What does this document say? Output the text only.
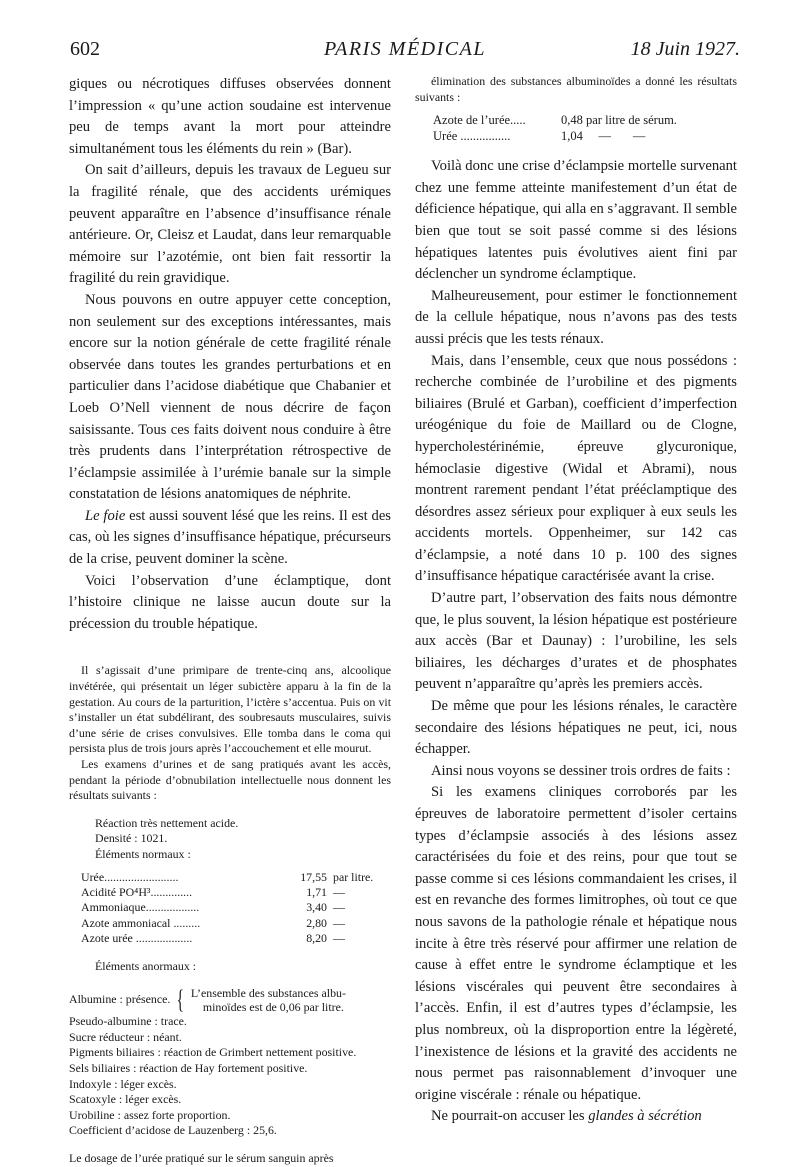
602	PARIS MÉDICAL	18 Juin 1927.

giques ou nécrotiques diffuses observées donnent l’impression « qu’une action soudaine est intervenue peu de temps avant la mort pour atteindre simultanément tous les éléments du rein » (Bar).

On sait d’ailleurs, depuis les travaux de Legueu sur la fragilité rénale, que des accidents urémiques peuvent apparaître en l’absence d’insuffisance rénale antérieure. Or, Cleisz et Laudat, dans leur remarquable mémoire sur l’azotémie, ont bien fait ressortir la fragilité du rein gravidique.

Nous pouvons en outre appuyer cette conception, non seulement sur des exceptions intéressantes, mais encore sur la notion générale de cette fragilité rénale observée dans toutes les grandes perturbations et en particulier dans l’acidose diabétique que Chabanier et Loeb O’Nell viennent de nous décrire de façon saisissante. Tous ces faits doivent nous conduire à être très prudents dans l’interprétation rétrospective de l’éclampsie assimilée à l’urémie banale sur la simple constatation de lésions anatomiques de néphrite.

Le foie est aussi souvent lésé que les reins. Il est des cas, où les signes d’insuffisance hépatique, précurseurs de la crise, peuvent dominer la scène.

Voici l’observation d’une éclamptique, dont l’histoire clinique ne laisse aucun doute sur la précession du trouble hépatique.

Il s’agissait d’une primipare de trente-cinq ans, alcoolique invétérée, qui présentait un léger subictère apparu à la fin de la gestation. Au cours de la parturition, l’ictère s’accentua. Puis on vit s’installer un état subdélirant, des soubresauts musculaires, suivis d’une série de crises convulsives. Elle tomba dans le coma qui persista plus de trois jours après l’accouchement et elle mourut.

Les examens d’urines et de sang pratiqués avant les accès, pendant la période d’obnubilation intellectuelle nous donnent les résultats suivants :

Réaction très nettement acide.

Densité : 1021.

Éléments normaux :

Urée.........................	17,55	par litre.
Acidité PO⁴H³..............	1,71	—
Ammoniaque..................	3,40	—
Azote ammoniacal .........	2,80	—
Azote urée ...................	8,20	—

Éléments anormaux :

Albumine : présence. { L’ensemble des substances albu-
minoïdes est de 0,06 par litre.

Pseudo-albumine : trace.

Sucre réducteur : néant.

Pigments biliaires : réaction de Grimbert nettement positive.

Sels biliaires : réaction de Hay fortement positive.

Indoxyle : léger excès.

Scatoxyle : léger excès.

Urobiline : assez forte proportion.

Coefficient d’acidose de Lauzenberg : 25,6.

Le dosage de l’urée pratiqué sur le sérum sanguin après

élimination des substances albuminoïdes a donné les résultats suivants :

Azote de l’urée.....	0,48 par litre de sérum.
Urée ................	1,04     —       —

Voilà donc une crise d’éclampsie mortelle survenant chez une femme atteinte manifestement d’un état de déficience hépatique, qui alla en s’aggravant. Il semble bien que tout se soit passé comme si des lésions hépatiques latentes puis évolutives aient fini par déclencher un syndrome éclamptique.

Malheureusement, pour estimer le fonctionnement de la cellule hépatique, nous n’avons pas des tests aussi précis que les tests rénaux.

Mais, dans l’ensemble, ceux que nous possédons : recherche combinée de l’urobiline et des pigments biliaires (Brulé et Garban), coefficient d’imperfection uréogénique du foie de Maillard ou de Clogne, hypercholestérinémie, épreuve glycuronique, hémoclasie digestive (Widal et Abrami), nous montrent rarement pendant l’état prééclamptique des désordres assez sérieux pour expliquer à eux seuls les accidents mortels. Oppenheimer, sur 142 cas d’éclampsie, a noté dans 10 p. 100 des signes d’insuffisance hépatique caractérisée avant la crise.

D’autre part, l’observation des faits nous démontre que, le plus souvent, la lésion hépatique est postérieure aux accès (Bar et Daunay) : l’urobiline, les sels biliaires, les décharges d’urates et de phosphates peuvent n’apparaître qu’après les premiers accès.

De même que pour les lésions rénales, le caractère secondaire des lésions hépatiques ne peut, ici, nous échapper.

Ainsi nous voyons se dessiner trois ordres de faits :

Si les examens cliniques corroborés par les épreuves de laboratoire permettent d’isoler certains types d’éclampsie associés à des lésions assez caractérisées du foie et des reins, pour que tout se passe comme si ces lésions commandaient les crises, il est en revanche des formes limitrophes, où tout ce que nous savons de la pathologie rénale et hépatique nous incite à être très réservé pour affirmer une relation de cause à effet entre le syndrome éclamptique et les lésions viscérales qui peuvent être secondaires à l’accès. Enfin, il est d’autres types d’éclampsie, les plus nombreux, où la disproportion entre la légèreté, l’inexistence de lésions et la gravité des accidents ne nous permet pas raisonnablement d’invoquer une origine viscérale : rénale ou hépatique.

Ne pourrait-on accuser les glandes à sécrétion
